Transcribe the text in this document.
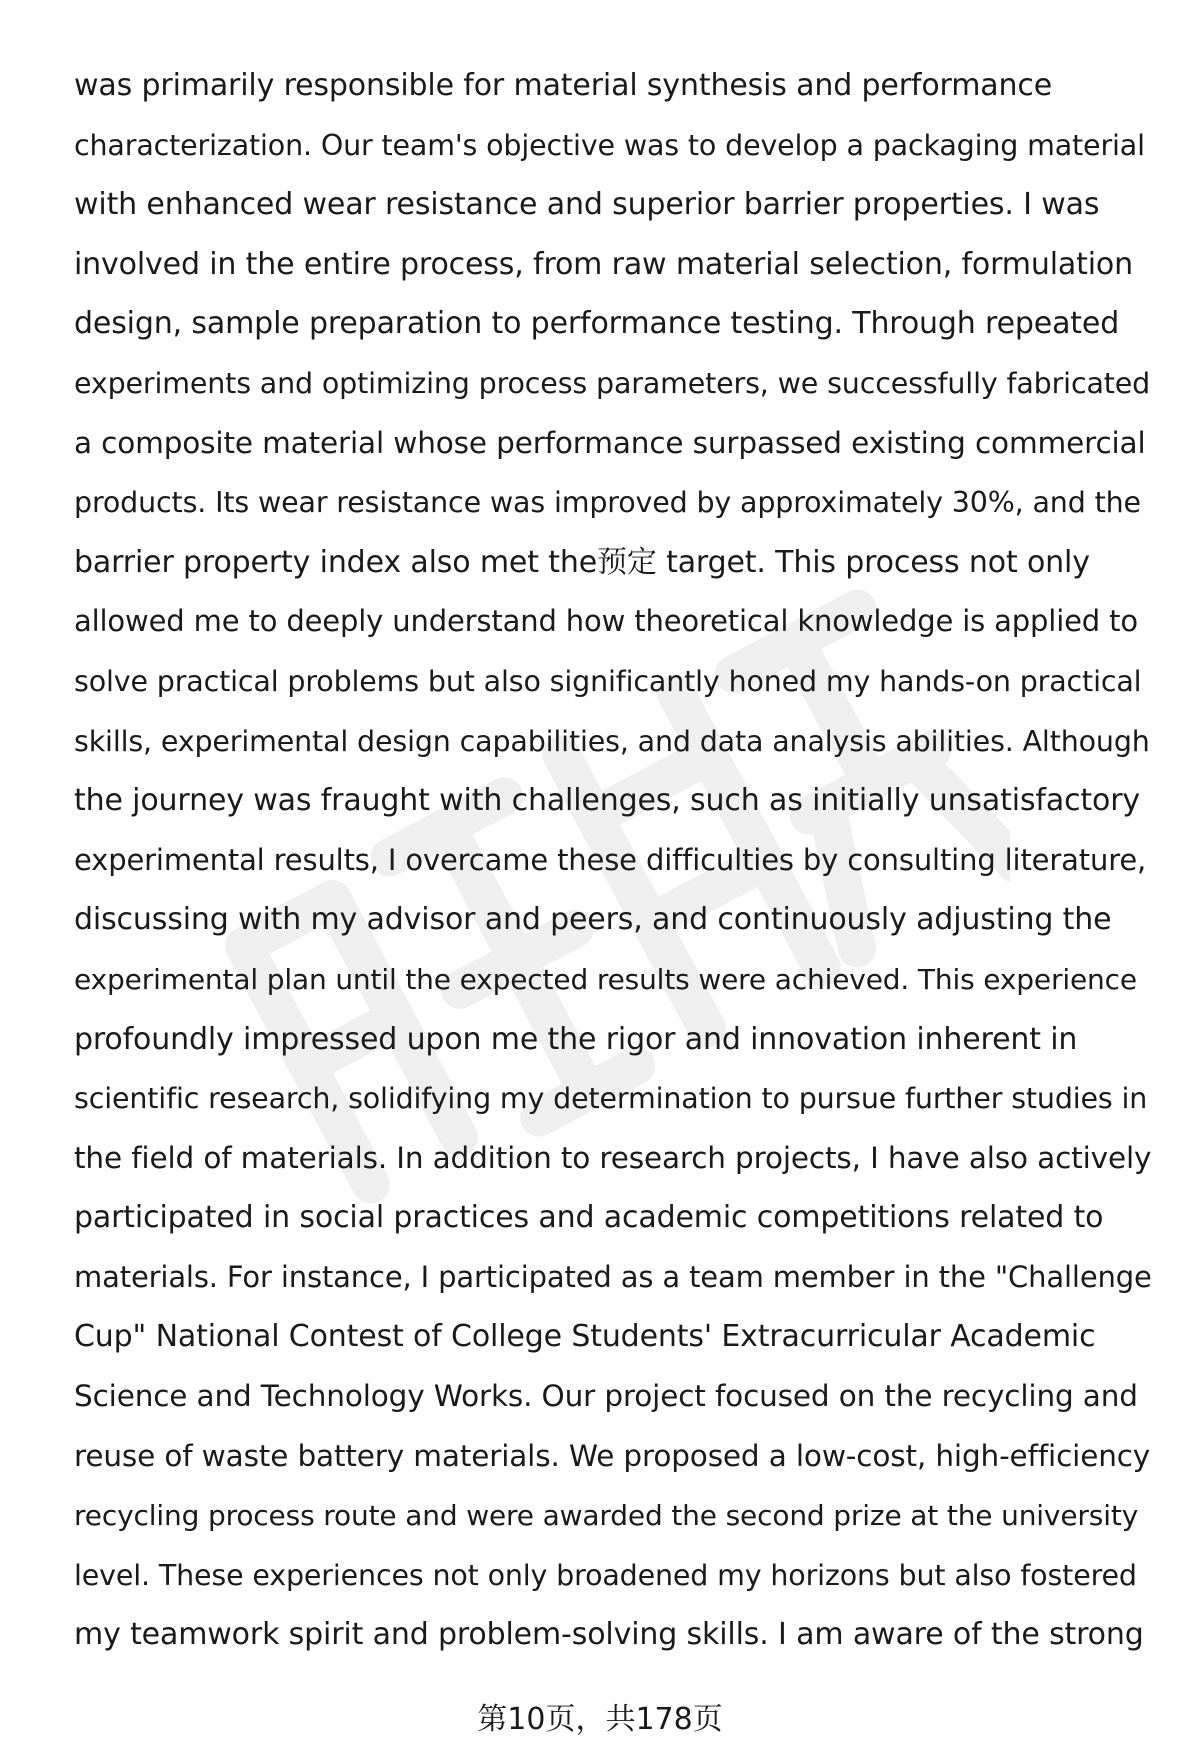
was primarily responsible for material synthesis and performance
characterization. Our team's objective was to develop a packaging material
with enhanced wear resistance and superior barrier properties. I was
involved in the entire process, from raw material selection, formulation
design, sample preparation to performance testing. Through repeated
experiments and optimizing process parameters, we successfully fabricated
a composite material whose performance surpassed existing commercial
products. Its wear resistance was improved by approximately 30%, and the
barrier property index also met the预定 target. This process not only
allowed me to deeply understand how theoretical knowledge is applied to
solve practical problems but also significantly honed my hands-on practical
skills, experimental design capabilities, and data analysis abilities. Although
the journey was fraught with challenges, such as initially unsatisfactory
experimental results, I overcame these difficulties by consulting literature,
discussing with my advisor and peers, and continuously adjusting the
experimental plan until the expected results were achieved. This experience
profoundly impressed upon me the rigor and innovation inherent in
scientific research, solidifying my determination to pursue further studies in
the field of materials. In addition to research projects, I have also actively
participated in social practices and academic competitions related to
materials. For instance, I participated as a team member in the "Challenge
Cup" National Contest of College Students' Extracurricular Academic
Science and Technology Works. Our project focused on the recycling and
reuse of waste battery materials. We proposed a low-cost, high-efficiency
recycling process route and were awarded the second prize at the university
level. These experiences not only broadened my horizons but also fostered
my teamwork spirit and problem-solving skills. I am aware of the strong
第10页，共178页
